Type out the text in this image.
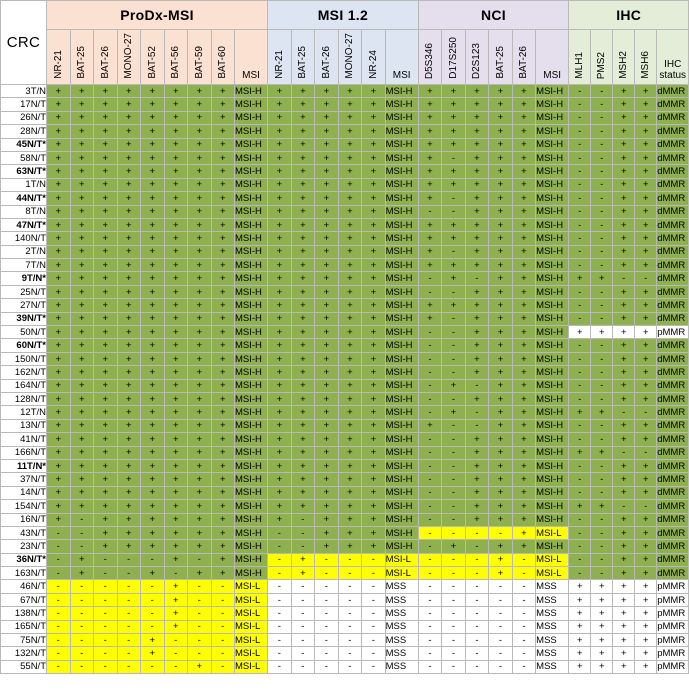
CRC	ProDx-MSI									MSI 1.2						NCI						IHC				
	NR-21	BAT-25	BAT-26	MONO-27	BAT-52	BAT-56	BAT-59	BAT-60	MSI	NR-21	BAT-25	BAT-26	MONO-27	NR-24	MSI	D5S346	D17S250	D2S123	BAT-25	BAT-26	MSI	MLH1	PMS2	MSH2	MSH6	IHC status
3T/N	+	+	+	+	+	+	+	+	MSI-H	+	+	+	+	+	MSI-H	+	+	+	+	+	MSI-H	-	-	+	+	dMMR
17N/T	+	+	+	+	+	+	+	+	MSI-H	+	+	+	+	+	MSI-H	+	+	+	+	+	MSI-H	-	-	+	+	dMMR
26N/T	+	+	+	+	+	+	+	+	MSI-H	+	+	+	+	+	MSI-H	+	+	+	+	+	MSI-H	-	-	+	+	dMMR
28N/T	+	+	+	+	+	+	+	+	MSI-H	+	+	+	+	+	MSI-H	+	+	+	+	+	MSI-H	-	-	+	+	dMMR
45N/T*	+	+	+	+	+	+	+	+	MSI-H	+	+	+	+	+	MSI-H	+	+	+	+	+	MSI-H	-	-	+	+	dMMR
58N/T	+	+	+	+	+	+	+	+	MSI-H	+	+	+	+	+	MSI-H	+	-	+	+	+	MSI-H	-	-	+	+	dMMR
63N/T*	+	+	+	+	+	+	+	+	MSI-H	+	+	+	+	+	MSI-H	+	+	+	+	+	MSI-H	-	-	+	+	dMMR
1T/N	+	+	+	+	+	+	+	+	MSI-H	+	+	+	+	+	MSI-H	+	+	+	+	+	MSI-H	-	-	+	+	dMMR
44N/T*	+	+	+	+	+	+	+	+	MSI-H	+	+	+	+	+	MSI-H	+	-	+	+	+	MSI-H	-	-	+	+	dMMR
8T/N	+	+	+	+	+	+	+	+	MSI-H	+	+	+	+	+	MSI-H	-	-	+	+	+	MSI-H	-	-	+	+	dMMR
47N/T*	+	+	+	+	+	+	+	+	MSI-H	+	+	+	+	+	MSI-H	+	+	+	+	+	MSI-H	-	-	+	+	dMMR
140N/T	+	+	+	+	+	+	+	+	MSI-H	+	+	+	+	+	MSI-H	+	+	+	+	+	MSI-H	-	-	+	+	dMMR
2T/N	+	+	+	+	+	+	+	+	MSI-H	+	+	+	+	+	MSI-H	+	-	+	+	+	MSI-H	-	-	+	+	dMMR
7T/N	+	+	+	+	+	+	+	+	MSI-H	+	+	+	+	+	MSI-H	+	+	+	+	+	MSI-H	-	-	+	+	dMMR
9T/N*	+	+	+	+	+	+	+	+	MSI-H	+	+	+	+	+	MSI-H	-	+	-	+	+	MSI-H	+	+	-	-	dMMR
25N/T	+	+	+	+	+	+	+	+	MSI-H	+	+	+	+	+	MSI-H	-	-	+	+	+	MSI-H	-	-	+	+	dMMR
27N/T	+	+	+	+	+	+	+	+	MSI-H	+	+	+	+	+	MSI-H	+	+	+	+	+	MSI-H	-	-	+	+	dMMR
39N/T*	+	+	+	+	+	+	+	+	MSI-H	+	+	+	+	+	MSI-H	+	-	+	+	+	MSI-H	-	-	+	+	dMMR
50N/T	+	+	+	+	+	+	+	+	MSI-H	+	+	+	+	+	MSI-H	-	-	+	+	+	MSI-H	+	+	+	+	pMMR
60N/T*	+	+	+	+	+	+	+	+	MSI-H	+	+	+	+	+	MSI-H	-	-	+	+	+	MSI-H	-	-	+	+	dMMR
150N/T	+	+	+	+	+	+	+	+	MSI-H	+	+	+	+	+	MSI-H	-	-	+	+	+	MSI-H	-	-	+	+	dMMR
162N/T	+	+	+	+	+	+	+	+	MSI-H	+	+	+	+	+	MSI-H	-	-	+	+	+	MSI-H	-	-	+	+	dMMR
164N/T	+	+	+	+	+	+	+	+	MSI-H	+	+	+	+	+	MSI-H	-	+	-	+	+	MSI-H	-	-	+	+	dMMR
128N/T	+	+	+	+	+	+	+	+	MSI-H	+	+	+	+	+	MSI-H	-	-	+	+	+	MSI-H	-	-	+	+	dMMR
12T/N	+	+	+	+	+	+	+	+	MSI-H	+	+	+	+	+	MSI-H	-	+	-	+	+	MSI-H	+	+	-	-	dMMR
13N/T	+	+	+	+	+	+	+	+	MSI-H	+	+	+	+	+	MSI-H	+	-	-	+	+	MSI-H	-	-	+	+	dMMR
41N/T	+	+	+	+	+	+	+	+	MSI-H	+	+	+	+	+	MSI-H	-	-	+	+	+	MSI-H	-	-	+	+	dMMR
166N/T	+	+	+	+	+	+	+	+	MSI-H	+	+	+	+	+	MSI-H	-	-	+	+	+	MSI-H	+	+	-	-	dMMR
11T/N*	+	+	+	+	+	+	+	+	MSI-H	+	+	+	+	+	MSI-H	-	-	+	+	+	MSI-H	-	-	+	+	dMMR
37N/T	+	+	+	+	+	+	+	+	MSI-H	+	+	+	+	+	MSI-H	-	-	+	+	+	MSI-H	-	-	+	+	dMMR
14N/T	+	+	+	+	+	+	+	+	MSI-H	+	+	+	+	+	MSI-H	-	-	+	+	+	MSI-H	-	-	+	+	dMMR
154N/T	+	+	+	+	+	+	+	+	MSI-H	+	+	+	+	+	MSI-H	-	-	+	+	+	MSI-H	+	+	-	-	dMMR
16N/T	+	-	+	+	+	+	+	+	MSI-H	+	-	+	+	+	MSI-H	-	-	+	+	+	MSI-H	-	-	+	+	dMMR
43N/T	-	-	+	+	+	+	+	+	MSI-H	-	-	+	+	+	MSI-H	-	-	-	-	+	MSI-L	-	-	+	+	dMMR
23N/T	-	-	+	+	+	+	+	+	MSI-H	-	-	+	+	+	MSI-H	-	+	-	+	+	MSI-H	-	-	+	+	dMMR
36N/T*	-	+	-	-	-	+	-	+	MSI-H	-	+	-	-	-	MSI-L	-	-	-	+	-	MSI-L	-	-	+	+	dMMR
163N/T	-	+	-	-	+	-	+	+	MSI-H	-	+	-	-	-	MSI-L	-	-	-	+	-	MSI-L	-	-	+	+	dMMR
46N/T	-	-	-	-	-	+	-	-	MSI-L	-	-	-	-	-	MSS	-	-	-	-	-	MSS	+	+	+	+	pMMR
67N/T	-	-	-	-	-	+	-	-	MSI-L	-	-	-	-	-	MSS	-	-	-	-	-	MSS	+	+	+	+	pMMR
138N/T	-	-	-	-	-	+	-	-	MSI-L	-	-	-	-	-	MSS	-	-	-	-	-	MSS	+	+	+	+	pMMR
165N/T	-	-	-	-	-	+	-	-	MSI-L	-	-	-	-	-	MSS	-	-	-	-	-	MSS	+	+	+	+	pMMR
75N/T	-	-	-	-	+	-	-	-	MSI-L	-	-	-	-	-	MSS	-	-	-	-	-	MSS	+	+	+	+	pMMR
132N/T	-	-	-	-	+	-	-	-	MSI-L	-	-	-	-	-	MSS	-	-	-	-	-	MSS	+	+	+	+	pMMR
55N/T	-	-	-	-	-	-	+	-	MSI-L	-	-	-	-	-	MSS	-	-	-	-	-	MSS	+	+	+	+	pMMR
